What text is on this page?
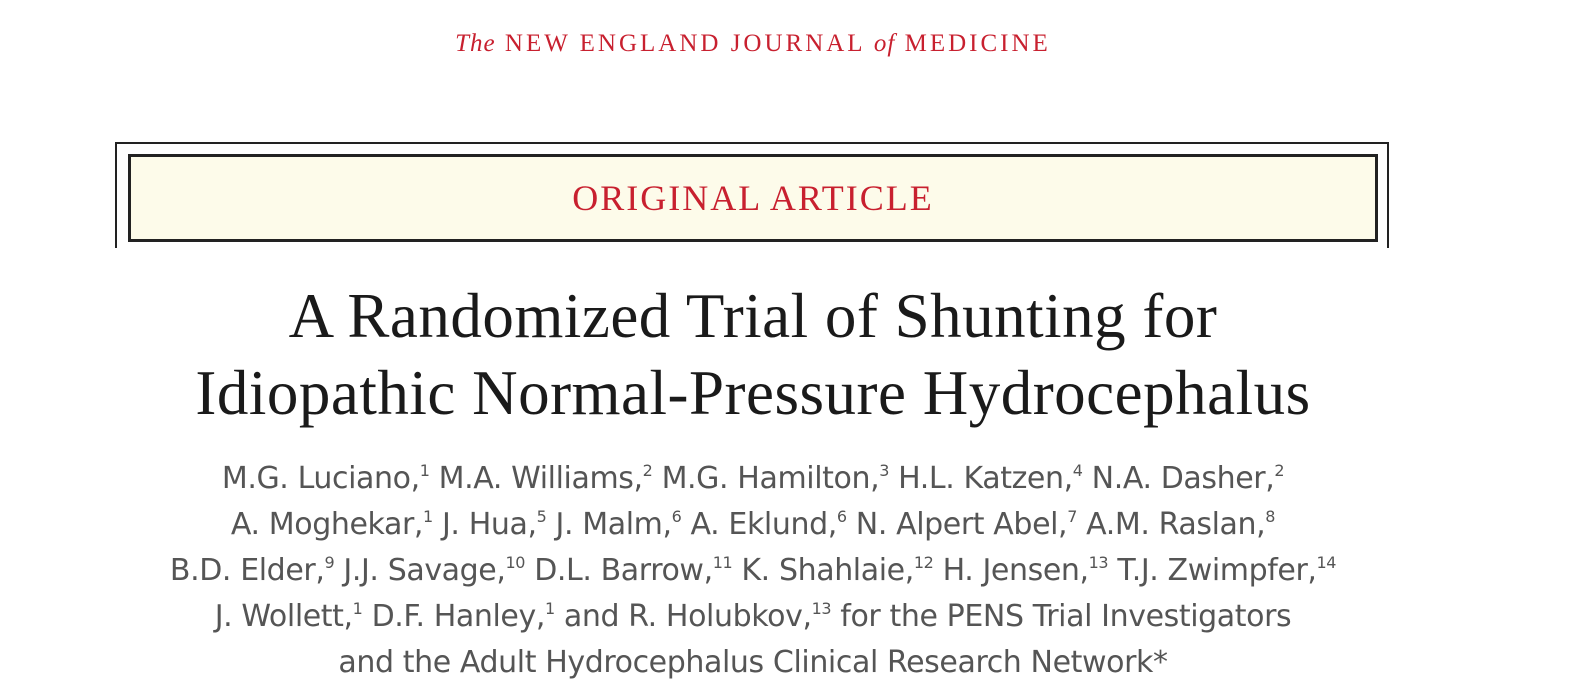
The NEW ENGLAND JOURNAL of MEDICINE
ORIGINAL ARTICLE
A Randomized Trial of Shunting for
Idiopathic Normal-Pressure Hydrocephalus
M.G. Luciano,$^1$ M.A. Williams,$^2$ M.G. Hamilton,$^3$ H.L. Katzen,$^4$ N.A. Dasher,$^2$
A. Moghekar,$^1$ J. Hua,$^5$ J. Malm,$^6$ A. Eklund,$^6$ N. Alpert Abel,$^7$ A.M. Raslan,$^8$
B.D. Elder,$^9$ J.J. Savage,$^{10}$ D.L. Barrow,$^{11}$ K. Shahlaie,$^{12}$ H. Jensen,$^{13}$ T.J. Zwimpfer,$^{14}$
J. Wollett,$^1$ D.F. Hanley,$^1$ and R. Holubkov,$^{13}$ for the PENS Trial Investigators
and the Adult Hydrocephalus Clinical Research Network*
